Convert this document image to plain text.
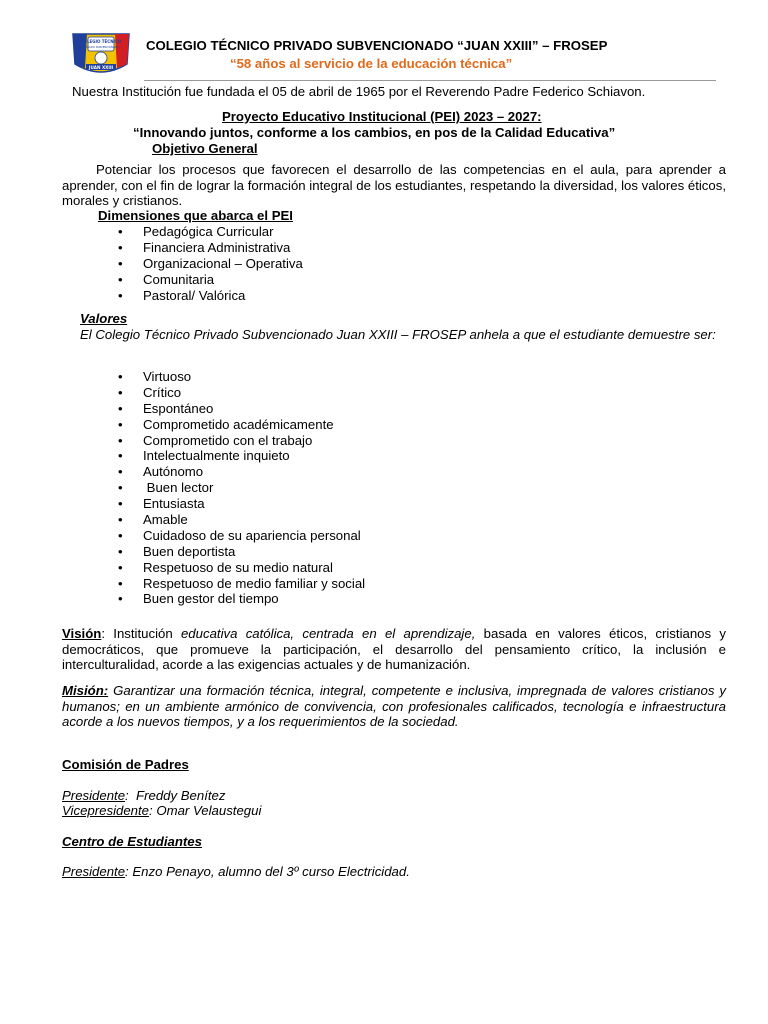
COLEGIO TÉCNICO
PRIVADO SUBVENCIONADO
JUAN XXIII
COLEGIO TÉCNICO PRIVADO SUBVENCIONADO “JUAN XXIII” – FROSEP
“58 años al servicio de la educación técnica”
Nuestra Institución fue fundada el 05 de abril de 1965 por el Reverendo Padre Federico Schiavon.
Proyecto Educativo Institucional (PEI) 2023 – 2027:
“Innovando juntos, conforme a los cambios, en pos de la Calidad Educativa”
Objetivo General
Potenciar los procesos que favorecen el desarrollo de las competencias en el aula, para aprender a aprender, con el fin de lograr la formación integral de los estudiantes, respetando la diversidad, los valores éticos, morales y cristianos.
Dimensiones que abarca el PEI
• Pedagógica Curricular
• Financiera Administrativa
• Organizacional – Operativa
• Comunitaria
• Pastoral/ Valórica
Valores
El Colegio Técnico Privado Subvencionado Juan XXIII – FROSEP anhela a que el estudiante demuestre ser:
• Virtuoso
• Crítico
• Espontáneo
• Comprometido académicamente
• Comprometido con el trabajo
• Intelectualmente inquieto
• Autónomo
•  Buen lector
• Entusiasta
• Amable
• Cuidadoso de su apariencia personal
• Buen deportista
• Respetuoso de su medio natural
• Respetuoso de medio familiar y social
• Buen gestor del tiempo
Visión: Institución educativa católica, centrada en el aprendizaje, basada en valores éticos, cristianos y democráticos, que promueve la participación, el desarrollo del pensamiento crítico, la inclusión e interculturalidad, acorde a las exigencias actuales y de humanización.
Misión: Garantizar una formación técnica, integral, competente e inclusiva, impregnada de valores cristianos y humanos; en un ambiente armónico de convivencia, con profesionales calificados, tecnología e infraestructura acorde a los nuevos tiempos, y a los requerimientos de la sociedad.
Comisión de Padres
Presidente:  Freddy Benítez
Vicepresidente: Omar Velaustegui
Centro de Estudiantes
Presidente: Enzo Penayo, alumno del 3º curso Electricidad.
